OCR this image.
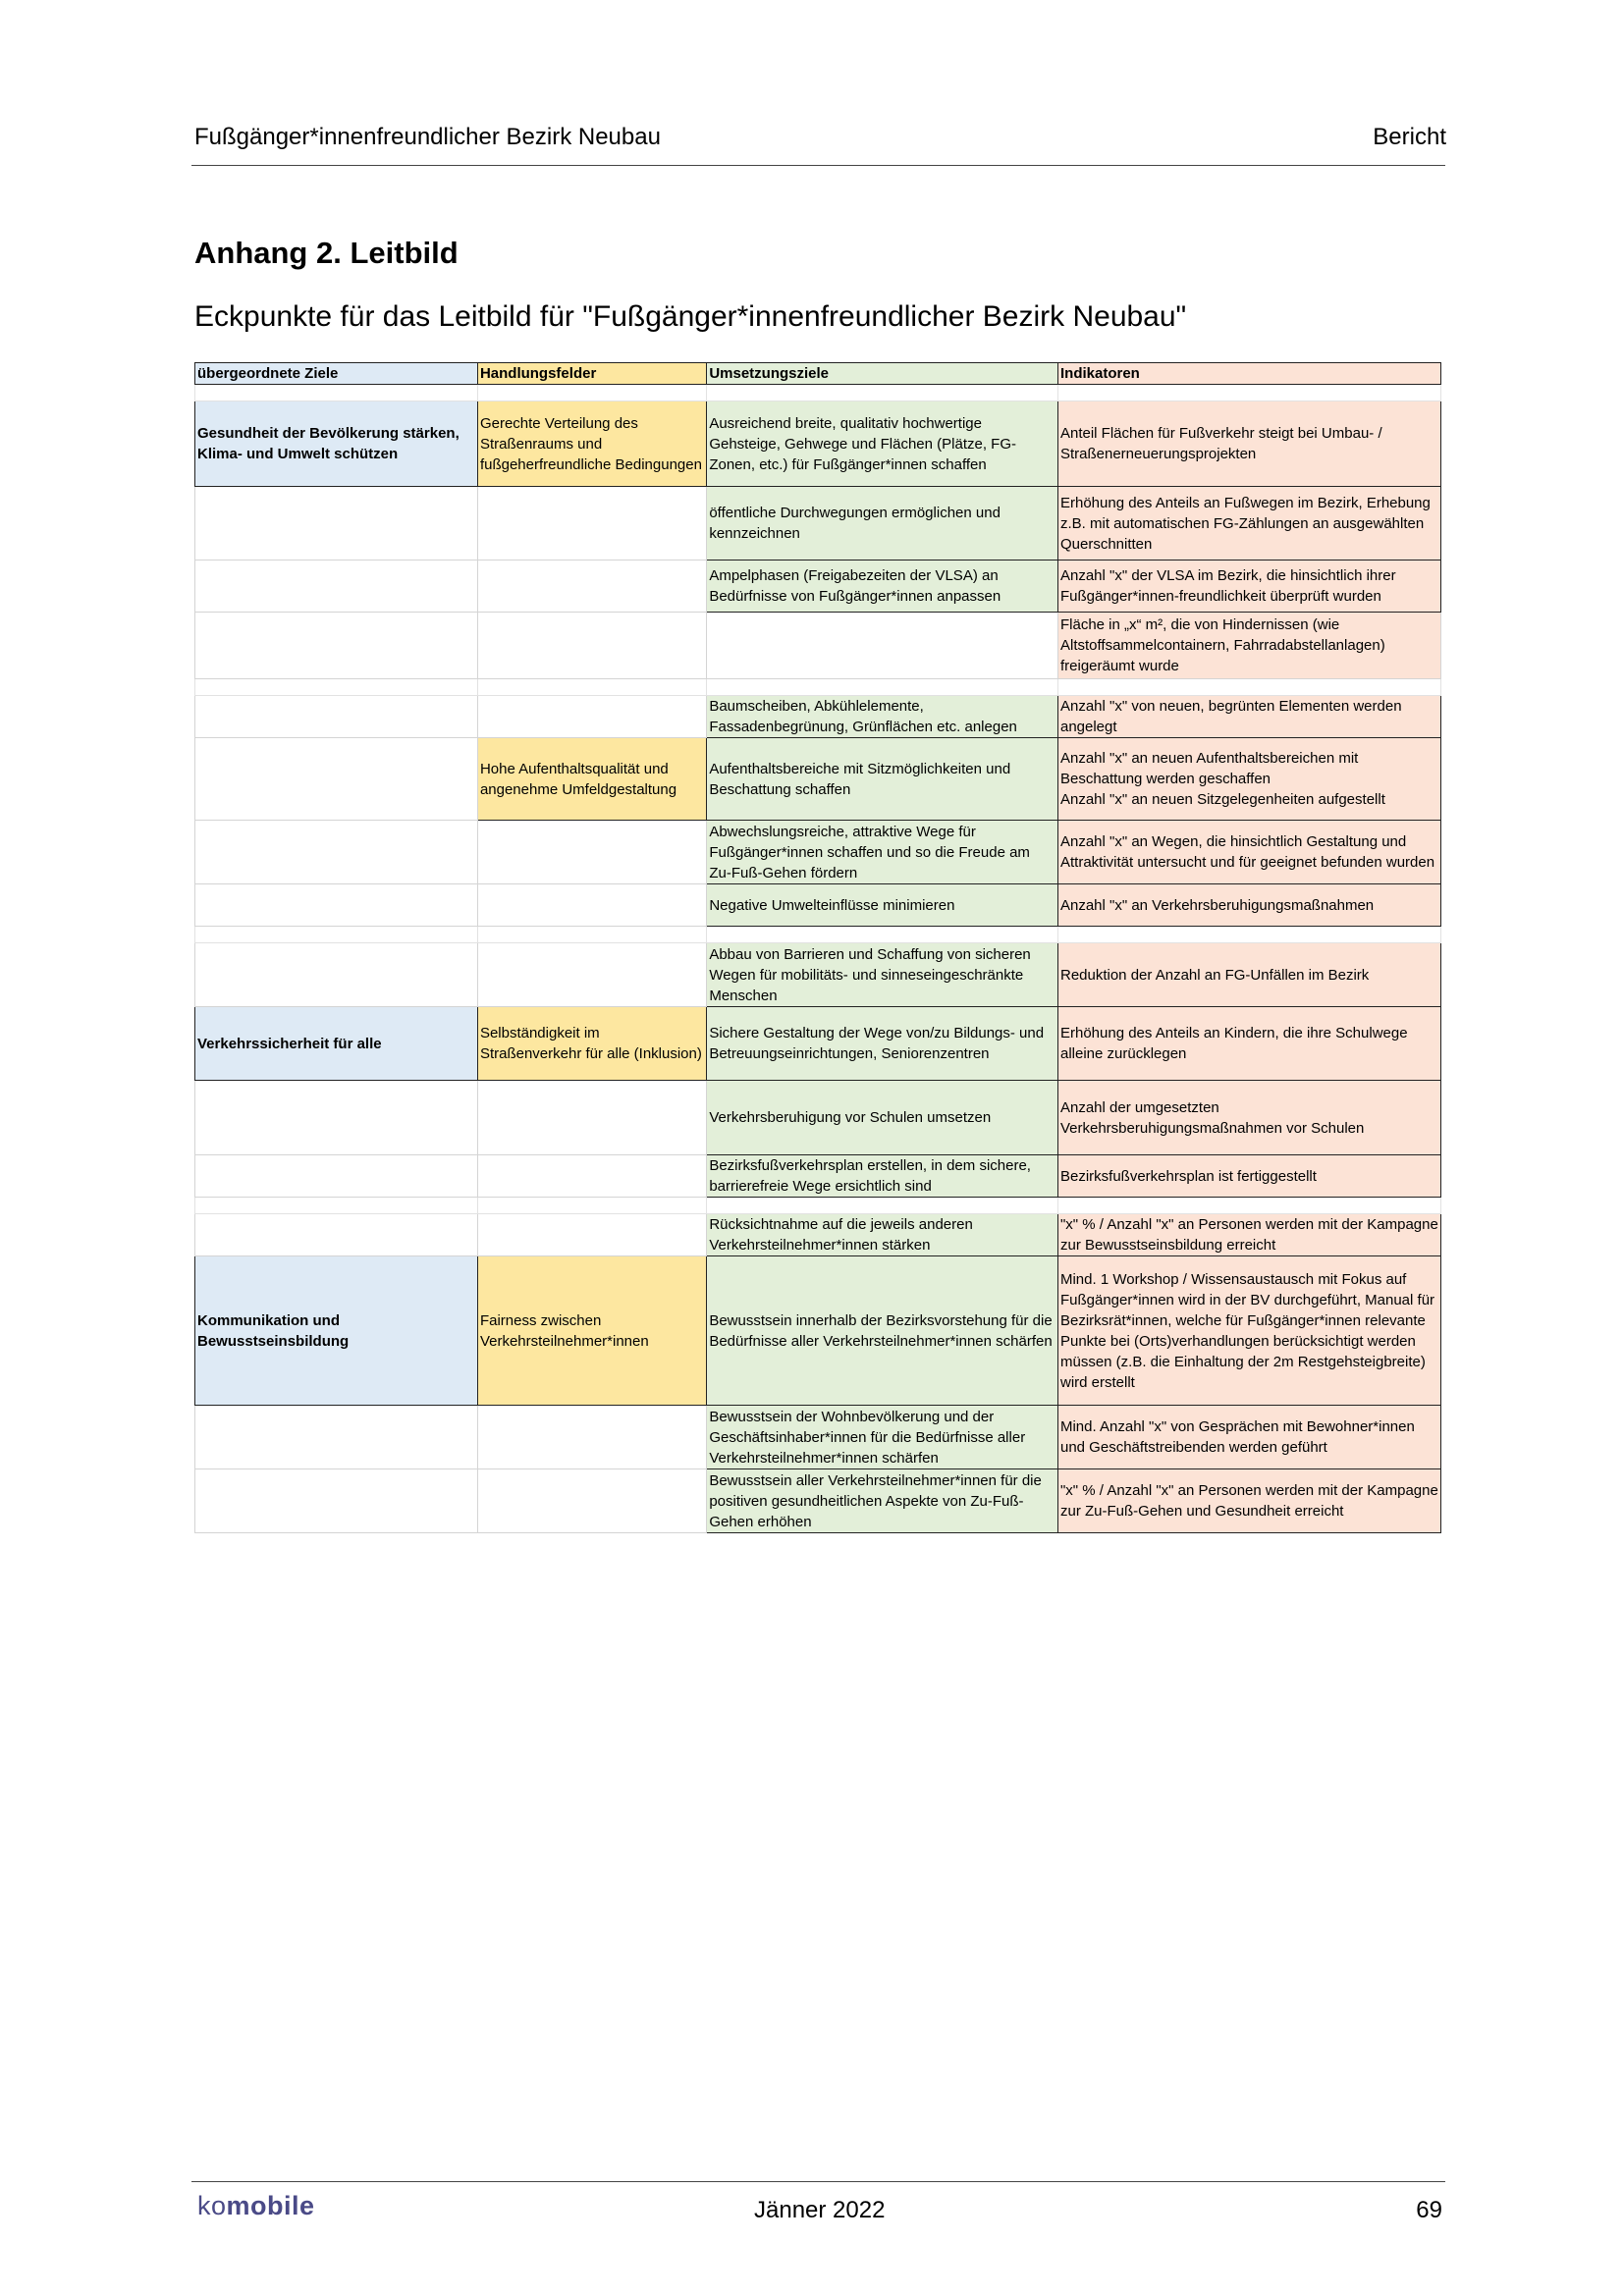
Fußgänger*innenfreundlicher Bezirk Neubau	Bericht
Anhang 2. Leitbild
Eckpunkte für das Leitbild für "Fußgänger*innenfreundlicher Bezirk Neubau"
übergeordnete Ziele	Handlungsfelder	Umsetzungsziele	Indikatoren

Gesundheit der Bevölkerung stärken,
Klima- und Umwelt schützen	Gerechte Verteilung des Straßenraums und fußgeherfreundliche Bedingungen	Ausreichend breite, qualitativ hochwertige Gehsteige, Gehwege und Flächen (Plätze, FG-Zonen, etc.) für Fußgänger*innen schaffen	Anteil Flächen für Fußverkehr steigt bei Umbau- / Straßenerneuerungsprojekten
		öffentliche Durchwegungen ermöglichen und kennzeichnen	Erhöhung des Anteils an Fußwegen im Bezirk, Erhebung z.B. mit automatischen FG-Zählungen an ausgewählten Querschnitten
		Ampelphasen (Freigabezeiten der VLSA) an Bedürfnisse von Fußgänger*innen anpassen	Anzahl "x" der VLSA im Bezirk, die hinsichtlich ihrer Fußgänger*innen-freundlichkeit überprüft wurden
			Fläche in „x“ m², die von Hindernissen (wie Altstoffsammelcontainern, Fahrradabstellanlagen) freigeräumt wurde

		Baumscheiben, Abkühlelemente, Fassadenbegrünung, Grünflächen etc. anlegen	Anzahl "x" von neuen, begrünten Elementen werden angelegt
	Hohe Aufenthaltsqualität und angenehme Umfeldgestaltung	Aufenthaltsbereiche mit Sitzmöglichkeiten und Beschattung schaffen	Anzahl "x" an neuen Aufenthaltsbereichen mit Beschattung werden geschaffen
Anzahl "x" an neuen Sitzgelegenheiten aufgestellt
		Abwechslungsreiche, attraktive Wege für Fußgänger*innen schaffen und so die Freude am Zu-Fuß-Gehen fördern	Anzahl "x" an Wegen, die hinsichtlich Gestaltung und Attraktivität untersucht und für geeignet befunden wurden
		Negative Umwelteinflüsse minimieren	Anzahl "x" an Verkehrsberuhigungsmaßnahmen

		Abbau von Barrieren und Schaffung von sicheren Wegen für mobilitäts- und sinneseingeschränkte Menschen	Reduktion der Anzahl an FG-Unfällen im Bezirk
Verkehrssicherheit für alle	Selbständigkeit im Straßenverkehr für alle (Inklusion)	Sichere Gestaltung der Wege von/zu Bildungs- und Betreuungseinrichtungen, Seniorenzentren	Erhöhung des Anteils an Kindern, die ihre Schulwege alleine zurücklegen
		Verkehrsberuhigung vor Schulen umsetzen	Anzahl der umgesetzten Verkehrsberuhigungsmaßnahmen vor Schulen
		Bezirksfußverkehrsplan erstellen, in dem sichere, barrierefreie Wege ersichtlich sind	Bezirksfußverkehrsplan ist fertiggestellt

		Rücksichtnahme auf die jeweils anderen Verkehrsteilnehmer*innen stärken	"x" % / Anzahl "x" an Personen werden mit der Kampagne zur Bewusstseinsbildung erreicht
Kommunikation und Bewusstseinsbildung	Fairness zwischen Verkehrsteilnehmer*innen	Bewusstsein innerhalb der Bezirksvorstehung für die Bedürfnisse aller Verkehrsteilnehmer*innen schärfen	Mind. 1 Workshop / Wissensaustausch mit Fokus auf Fußgänger*innen wird in der BV durchgeführt, Manual für Bezirksrät*innen, welche für Fußgänger*innen relevante Punkte bei (Orts)verhandlungen berücksichtigt werden müssen (z.B. die Einhaltung der 2m Restgehsteigbreite) wird erstellt
		Bewusstsein der Wohnbevölkerung und der Geschäftsinhaber*innen für die Bedürfnisse aller Verkehrsteilnehmer*innen schärfen	Mind. Anzahl "x" von Gesprächen mit Bewohner*innen und Geschäftstreibenden werden geführt
		Bewusstsein aller Verkehrsteilnehmer*innen für die positiven gesundheitlichen Aspekte von Zu-Fuß-Gehen erhöhen	"x" % / Anzahl "x" an Personen werden mit der Kampagne zur Zu-Fuß-Gehen und Gesundheit erreicht
komobile	Jänner 2022	69
